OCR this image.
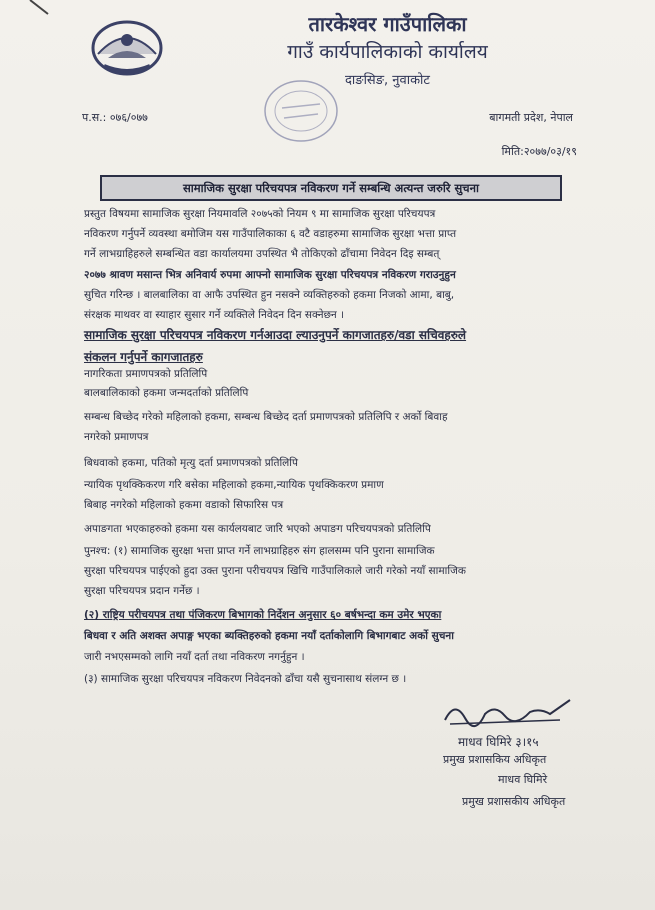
तारकेश्वर गाउँपालिका
गाउँ कार्यपालिकाको कार्यालय
दाङसिङ, नुवाकोट
प.स.: ०७६/०७७	बागमती प्रदेश, नेपाल
मिति:२०७७/०३/१९
सामाजिक सुरक्षा परिचयपत्र नविकरण गर्ने सम्बन्धि अत्यन्त जरुरि सुचना
प्रस्तुत विषयमा सामाजिक सुरक्षा नियमावलि २०७५को नियम ९ मा सामाजिक सुरक्षा परिचयपत्र
नविकरण गर्नुपर्ने व्यवस्था बमोजिम यस गाउँपालिकाका ६ वटै वडाहरुमा सामाजिक सुरक्षा भत्ता प्राप्त
गर्ने लाभग्राहिहरुले सम्बन्धित वडा कार्यालयमा उपस्थित भै तोकिएको ढाँचामा निवेदन दिइ सम्बत्
२०७७ श्रावण मसान्त भित्र अनिवार्य रुपमा आफ्नो सामाजिक सुरक्षा परिचयपत्र नविकरण गराउनुहुन
सुचित गरिन्छ । बालबालिका वा आफै उपस्थित हुन नसक्ने व्यक्तिहरुको हकमा निजको आमा, बाबु,
संरक्षक माथवर वा स्याहार सुसार गर्ने व्यक्तिले निवेदन दिन सक्नेछन ।
सामाजिक सुरक्षा परिचयपत्र नविकरण गर्नआउदा ल्याउनुपर्ने कागजातहरु/वडा सचिवहरुले
संकलन गर्नुपर्ने कागजातहरु
नागरिकता प्रमाणपत्रको प्रतिलिपि
बालबालिकाको हकमा जन्मदर्ताको प्रतिलिपि
सम्बन्ध बिच्छेद गरेको महिलाको हकमा, सम्बन्ध बिच्छेद दर्ता प्रमाणपत्रको प्रतिलिपि र अर्को बिवाह
नगरेको प्रमाणपत्र
बिधवाको हकमा, पतिको मृत्यु दर्ता प्रमाणपत्रको प्रतिलिपि
न्यायिक पृथक्किकरण गरि बसेका महिलाको हकमा,न्यायिक पृथक्किकरण प्रमाण
बिबाह नगरेको महिलाको हकमा वडाको सिफारिस पत्र
अपाङगता भएकाहरुको हकमा यस कार्यलयबाट जारि भएको अपाङग परिचयपत्रको प्रतिलिपि
पुनश्च: (१) सामाजिक सुरक्षा भत्ता प्राप्त गर्ने लाभग्राहिहरु संग हालसम्म पनि पुराना सामाजिक
सुरक्षा परिचयपत्र पाईएको हुदा उक्त पुराना परीचयपत्र खिचि गाउँपालिकाले जारी गरेको नयाँ सामाजिक
सुरक्षा परिचयपत्र प्रदान गर्नेछ ।
(२) राष्ट्रिय परीचयपत्र तथा पंजिकरण बिभागको निर्देशन अनुसार ६० बर्षभन्दा कम उमेर भएका
बिधवा र अति अशक्त अपाङ्ग भएका ब्यक्तिहरुको हकमा नयाँ दर्ताकोलागि बिभागबाट अर्को सुचना
जारी नभएसम्मको लागि नयाँ दर्ता तथा नविकरण नगर्नुहुन ।
(३) सामाजिक सुरक्षा परिचयपत्र नविकरण निवेदनको ढाँचा यसै सुचनासाथ संलग्न छ ।
माधव घिमिरे ३।१५
प्रमुख प्रशासकिय अधिकृत
माधव घिमिरे
प्रमुख प्रशासकीय अधिकृत
